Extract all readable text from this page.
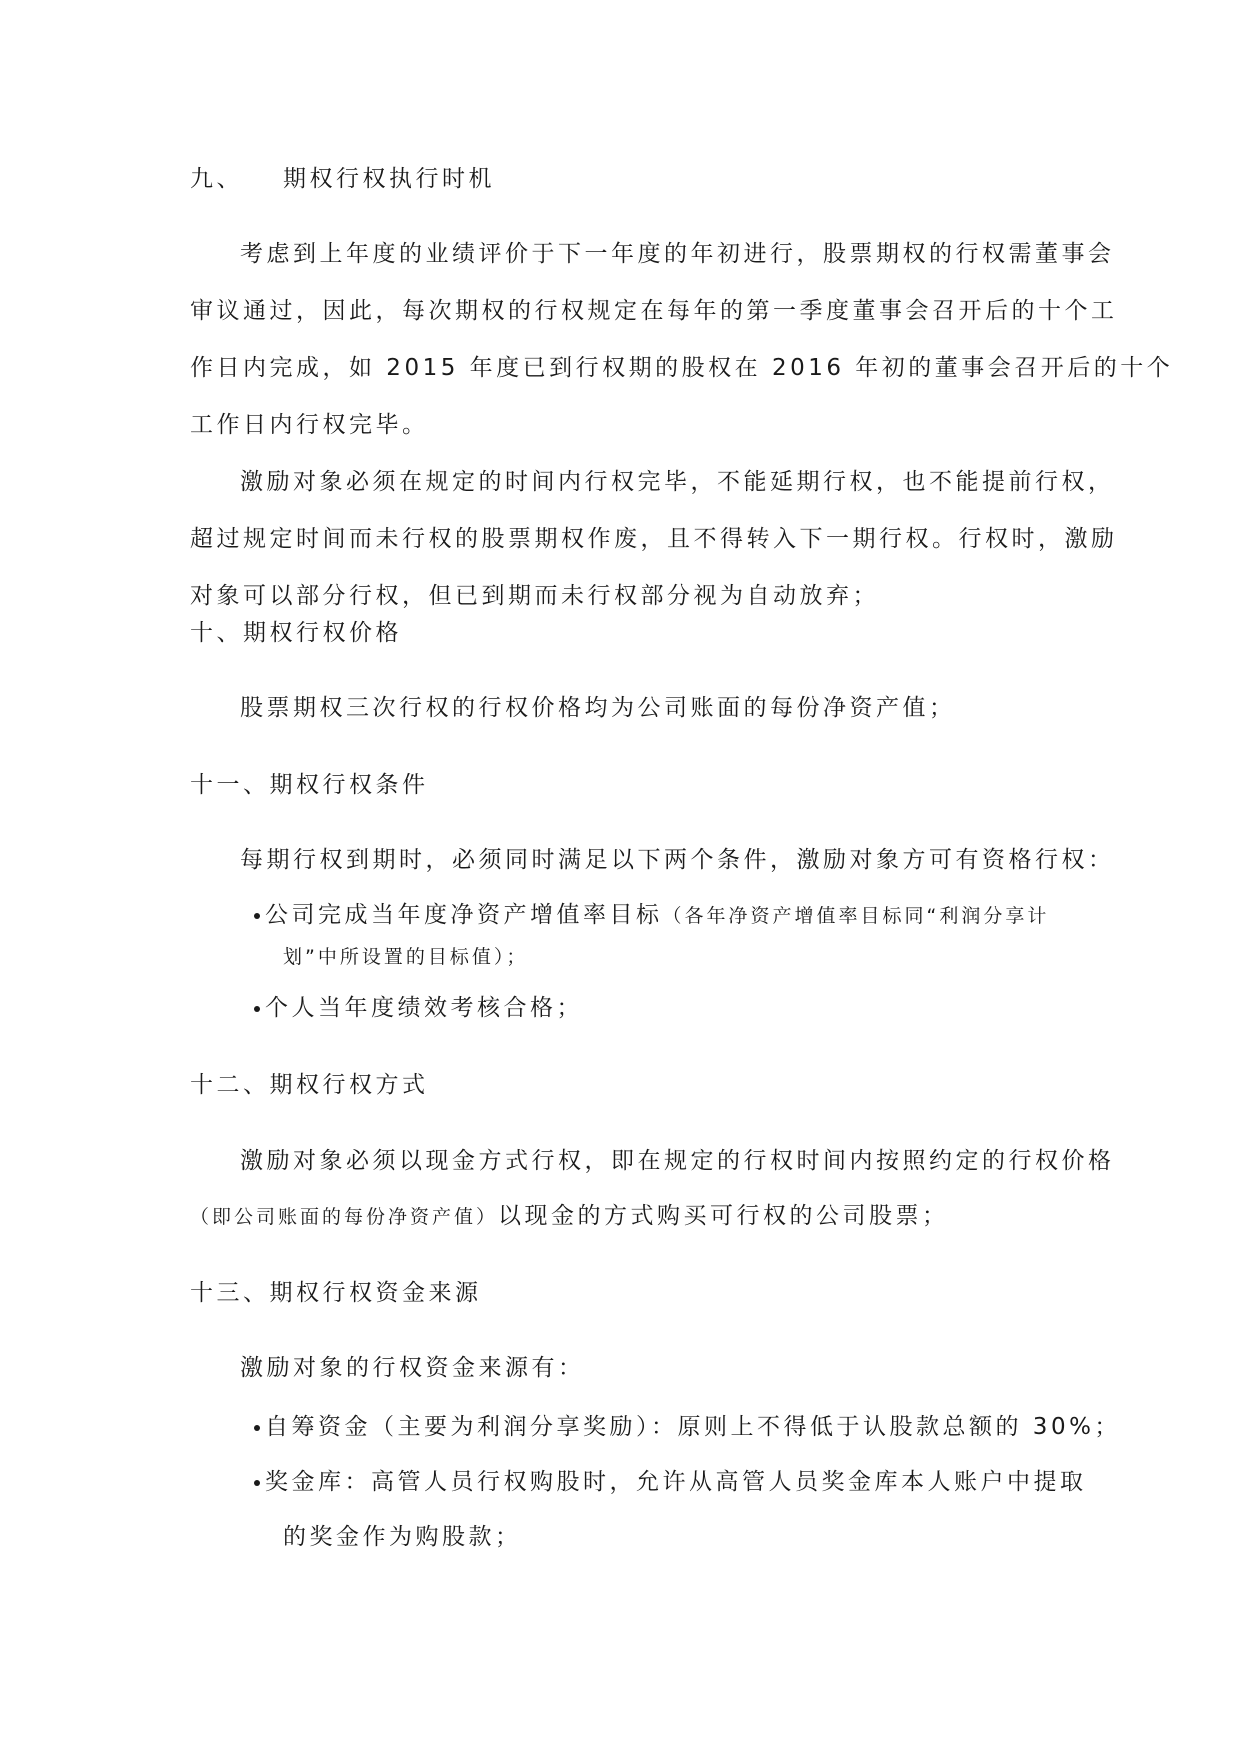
九、 期权行权执行时机
考虑到上年度的业绩评价于下一年度的年初进行，股票期权的行权需董事会
审议通过，因此，每次期权的行权规定在每年的第一季度董事会召开后的十个工
作日内完成，如 2015 年度已到行权期的股权在 2016 年初的董事会召开后的十个
工作日内行权完毕。
激励对象必须在规定的时间内行权完毕，不能延期行权，也不能提前行权，
超过规定时间而未行权的股票期权作废，且不得转入下一期行权。行权时，激励
对象可以部分行权，但已到期而未行权部分视为自动放弃；
十、期权行权价格
股票期权三次行权的行权价格均为公司账面的每份净资产值；
十一、期权行权条件
每期行权到期时，必须同时满足以下两个条件，激励对象方可有资格行权：
公司完成当年度净资产增值率目标（各年净资产增值率目标同“利润分享计
划”中所设置的目标值）；
个人当年度绩效考核合格；
十二、期权行权方式
激励对象必须以现金方式行权，即在规定的行权时间内按照约定的行权价格
（即公司账面的每份净资产值）以现金的方式购买可行权的公司股票；
十三、期权行权资金来源
激励对象的行权资金来源有：
自筹资金（主要为利润分享奖励）：原则上不得低于认股款总额的 30%；
奖金库：高管人员行权购股时，允许从高管人员奖金库本人账户中提取
的奖金作为购股款；
